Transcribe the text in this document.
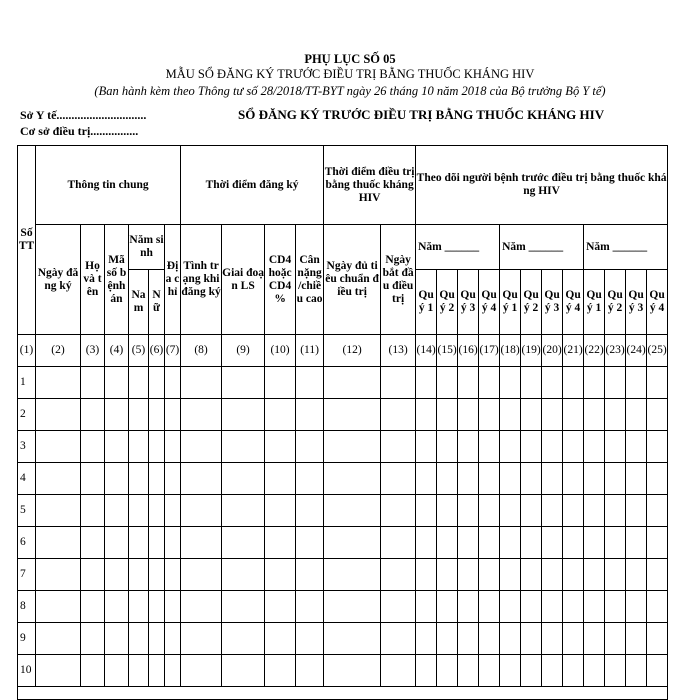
PHỤ LỤC SỐ 05
MẪU SỔ ĐĂNG KÝ TRƯỚC ĐIỀU TRỊ BẰNG THUỐC KHÁNG HIV
(Ban hành kèm theo Thông tư số 28/2018/TT-BYT ngày 26 tháng 10 năm 2018 của Bộ trưởng Bộ Y tế)
Sở Y tế..............................
Cơ sở điều trị................
SỔ ĐĂNG KÝ TRƯỚC ĐIỀU TRỊ BẰNG THUỐC KHÁNG HIV
Số TT	Thông tin chung						Thời điểm đăng ký				Thời điểm điều trị bằng thuốc kháng HIV		Theo dõi người bệnh trước điều trị bằng thuốc kháng HIV											
	Ngày đăng ký	Họ và tên	Mã số bệnh án	Năm sinh		Địa chỉ	Tình trạng khi đăng ký	Giai đoạn LS	CD4 hoặc CD4 %	Cân nặng /chiều cao	Ngày đủ tiêu chuẩn điều trị	Ngày bắt đầu điều trị	Năm ______				Năm ______				Năm ______			
				Nam	Nữ								Quý 1	Quý 2	Quý 3	Quý 4	Quý 1	Quý 2	Quý 3	Quý 4	Quý 1	Quý 2	Quý 3	Quý 4

(1)	(2)	(3)	(4)	(5)	(6)	(7)	(8)	(9)	(10)	(11)	(12)	(13)	(14)	(15)	(16)	(17)	(18)	(19)	(20)	(21)	(22)	(23)	(24)	(25)
1																								
2																								
3																								
4																								
5																								
6																								
7																								
8																								
9																								
10																								
